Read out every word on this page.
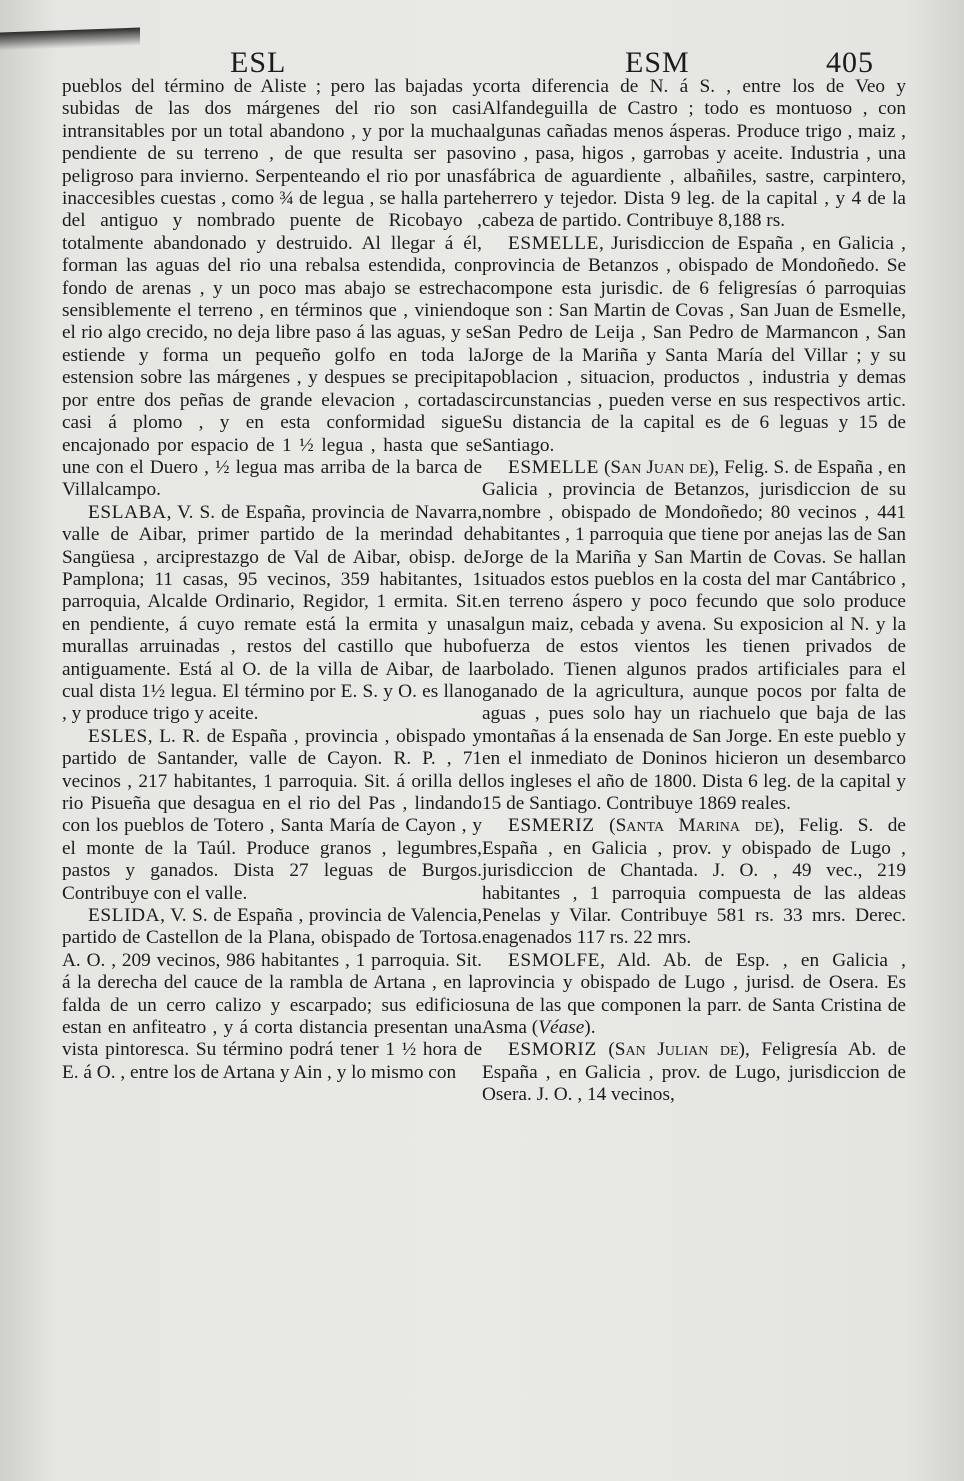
ESL	ESM	405

pueblos del término de Aliste ; pero las bajadas y subidas de las dos márgenes del rio son casi intransitables por un total abandono , y por la mucha pendiente de su terreno , de que resulta ser paso peligroso para invierno. Serpenteando el rio por unas inaccesibles cuestas , como ¾ de legua , se halla parte del antiguo y nombrado puente de Ricobayo , totalmente abandonado y destruido. Al llegar á él, forman las aguas del rio una rebalsa estendida, con fondo de arenas , y un poco mas abajo se estrecha sensiblemente el terreno , en términos que , viniendo el rio algo crecido, no deja libre paso á las aguas, y se estiende y forma un pequeño golfo en toda la estension sobre las márgenes , y despues se precipita por entre dos peñas de grande elevacion , cortadas casi á plomo , y en esta conformidad sigue encajonado por espacio de 1 ½ legua , hasta que se une con el Duero , ½ legua mas arriba de la barca de Villalcampo.

ESLABA, V. S. de España, provincia de Navarra, valle de Aibar, primer partido de la merindad de Sangüesa , arciprestazgo de Val de Aibar, obisp. de Pamplona; 11 casas, 95 vecinos, 359 habitantes, 1 parroquia, Alcalde Ordinario, Regidor, 1 ermita. Sit. en pendiente, á cuyo remate está la ermita y unas murallas arruinadas , restos del castillo que hubo antiguamente. Está al O. de la villa de Aibar, de la cual dista 1½ legua. El término por E. S. y O. es llano , y produce trigo y aceite.

ESLES, L. R. de España , provincia , obispado y partido de Santander, valle de Cayon. R. P. , 71 vecinos , 217 habitantes, 1 parroquia. Sit. á orilla del rio Pisueña que desagua en el rio del Pas , lindando con los pueblos de Totero , Santa María de Cayon , y el monte de la Taúl. Produce granos , legumbres, pastos y ganados. Dista 27 leguas de Burgos. Contribuye con el valle.

ESLIDA, V. S. de España , provincia de Valencia, partido de Castellon de la Plana, obispado de Tortosa. A. O. , 209 vecinos, 986 habitantes , 1 parroquia. Sit. á la derecha del cauce de la rambla de Artana , en la falda de un cerro calizo y escarpado; sus edificios estan en anfiteatro , y á corta distancia presentan una vista pintoresca. Su término podrá tener 1 ½ hora de E. á O. , entre los de Artana y Ain , y lo mismo con

corta diferencia de N. á S. , entre los de Veo y Alfandeguilla de Castro ; todo es montuoso , con algunas cañadas menos ásperas. Produce trigo , maiz , vino , pasa, higos , garrobas y aceite. Industria , una fábrica de aguardiente , albañiles, sastre, carpintero, herrero y tejedor. Dista 9 leg. de la capital , y 4 de la cabeza de partido. Contribuye 8,188 rs.

ESMELLE, Jurisdiccion de España , en Galicia , provincia de Betanzos , obispado de Mondoñedo. Se compone esta jurisdic. de 6 feligresías ó parroquias que son : San Martin de Covas , San Juan de Esmelle, San Pedro de Leija , San Pedro de Marmancon , San Jorge de la Mariña y Santa María del Villar ; y su poblacion , situacion, productos , industria y demas circunstancias , pueden verse en sus respectivos artic. Su distancia de la capital es de 6 leguas y 15 de Santiago.

ESMELLE (San Juan de), Felig. S. de España , en Galicia , provincia de Betanzos, jurisdiccion de su nombre , obispado de Mondoñedo; 80 vecinos , 441 habitantes , 1 parroquia que tiene por anejas las de San Jorge de la Mariña y San Martin de Covas. Se hallan situados estos pueblos en la costa del mar Cantábrico , en terreno áspero y poco fecundo que solo produce algun maiz, cebada y avena. Su exposicion al N. y la fuerza de estos vientos les tienen privados de arbolado. Tienen algunos prados artificiales para el ganado de la agricultura, aunque pocos por falta de aguas , pues solo hay un riachuelo que baja de las montañas á la ensenada de San Jorge. En este pueblo y en el inmediato de Doninos hicieron un desembarco los ingleses el año de 1800. Dista 6 leg. de la capital y 15 de Santiago. Contribuye 1869 reales.

ESMERIZ (Santa Marina de), Felig. S. de España , en Galicia , prov. y obispado de Lugo , jurisdiccion de Chantada. J. O. , 49 vec., 219 habitantes , 1 parroquia compuesta de las aldeas Penelas y Vilar. Contribuye 581 rs. 33 mrs. Derec. enagenados 117 rs. 22 mrs.

ESMOLFE, Ald. Ab. de Esp. , en Galicia , provincia y obispado de Lugo , jurisd. de Osera. Es una de las que componen la parr. de Santa Cristina de Asma (Véase).

ESMORIZ (San Julian de), Feligresía Ab. de España , en Galicia , prov. de Lugo, jurisdiccion de Osera. J. O. , 14 vecinos,
